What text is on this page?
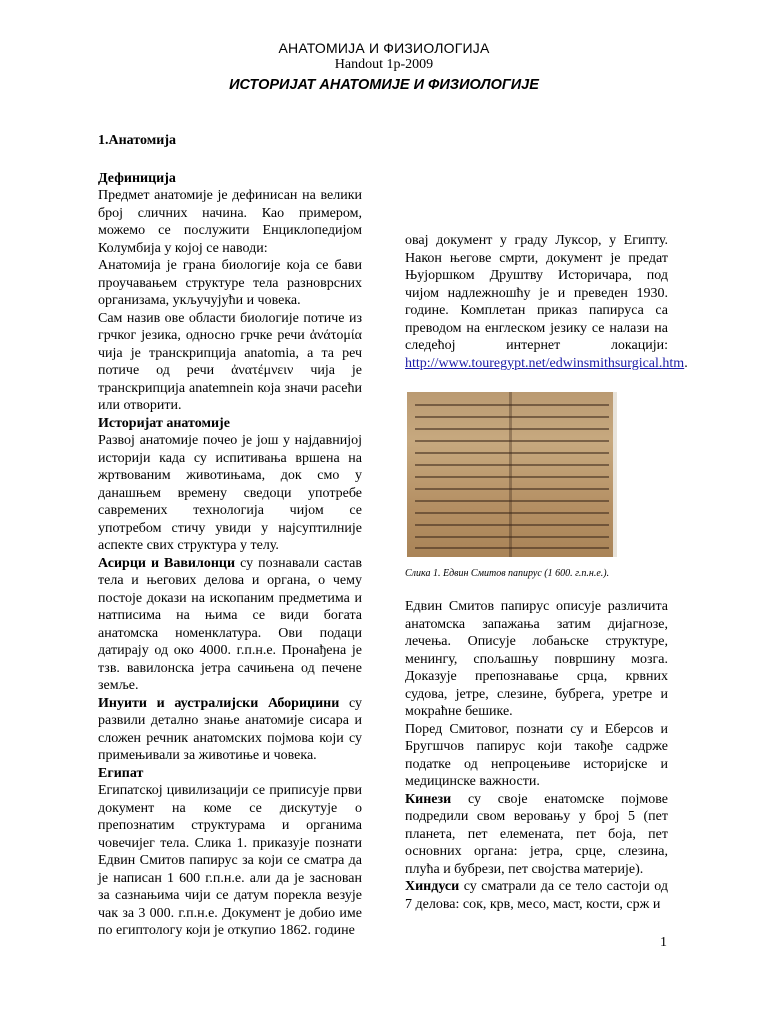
АНАТОМИЈА И ФИЗИОЛОГИЈА
Handout 1p-2009
ИСТОРИЈАТ АНАТОМИЈЕ И ФИЗИОЛОГИЈЕ

1.Анатомија

Дефиниција

Предмет анатомије је дефинисан на велики број сличних начина. Као примером, можемо се послужити Енциклопедијом Колумбија у којој се наводи:

Анатомија је грана биологије која се бави проучавањем структуре тела разноврсних организама, укључујући и човека.

Сам назив ове области биологије потиче из грчког језика, односно грчке речи ἀνάτομία чија је транскрипција anatomia, а та реч потиче од речи ἀνατέμνειν чија је транскрипција anatemnein која значи расећи или отворити.

Историјат анатомије

Развој анатомије почео је још у најдавнијој историји када су испитивања вршена на жртвованим животињама, док смо у данашњем времену сведоци употребе савремених технологија чијом се употребом стичу увиди у најсуптилније аспекте свих структура у телу.

Асирци и Вавилонци су познавали састав тела и његових делова и органа, о чему постоје докази на ископаним предметима и натписима на њима се види богата анатомска номенклатура. Ови подаци датирају од око 4000. г.п.н.е. Пронађена је тзв. вавилонска јетра сачињена од печене земље.

Инуити и аустралијски Абориџини су развили детално знање анатомије сисара и сложен речник анатомских појмова који су примењивали за животиње и човека.

Египат

Египатској цивилизацији се приписује први документ на коме се дискутује о препознатим структурама и органима човечијег тела. Слика 1. приказује познати Едвин Смитов папирус за који се сматра да је написан 1 600 г.п.н.е. али да је заснован за сазнањима чији се датум порекла везује чак за 3 000. г.п.н.е. Документ је добио име по египтологу који је откупио 1862. године

овај документ у граду Луксор, у Египту. Након његове смрти, документ је предат Њујоршком Друштву Историчара, под чијом надлежношћу је и преведен 1930. године. Комплетан приказ папируса са преводом на енглеском језику се налази на следећој интернет локацији: http://www.touregypt.net/edwinsmithsurgical.htm.

Слика 1. Едвин Смитов папирус (1 600. г.п.н.е.).

Едвин Смитов папирус описује различита анатомска запажања затим дијагнозе, лечења. Описује лобањске структуре, менингу, спољашњу површину мозга. Доказује препознавање срца, крвних судова, јетре, слезине, бубрега, уретре и мокраћне бешике.

Поред Смитовог, познати су и Еберсов и Бругшчов папирус који такође садрже податке од непроцењиве историјске и медицинске важности.

Кинези су своје енатомске појмове подредили свом веровању у број 5 (пет планета, пет елемената, пет боја, пет основних органа: јетра, срце, слезина, плућа и бубрези, пет својства материје).

Хиндуси су сматрали да се тело састоји од 7 делова: сок, крв, месо, маст, кости, срж и

1
